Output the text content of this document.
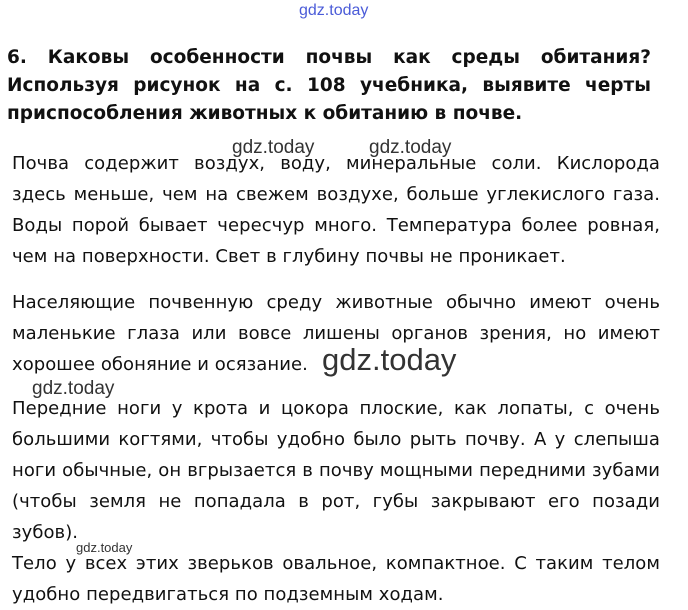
gdz.today
6. Каковы особенности почвы как среды обитания?
Используя рисунок на с. 108 учебника, выявите черты
приспособления животных к обитанию в почве.
gdz.today	gdz.today

Почва содержит воздух, воду, минеральные соли. Кислорода
здесь меньше, чем на свежем воздухе, больше углекислого газа.
Воды порой бывает чересчур много. Температура более ровная,
чем на поверхности. Свет в глубину почвы не проникает.

Населяющие почвенную среду животные обычно имеют очень
маленькие глаза или вовсе лишены органов зрения, но имеют
хорошее обоняние и осязание. gdz.today
gdz.today

Передние ноги у крота и цокора плоские, как лопаты, с очень
большими когтями, чтобы удобно было рыть почву. А у слепыша
ноги обычные, он вгрызается в почву мощными передними зубами
(чтобы земля не попадала в рот, губы закрывают его позади зубов).
Тело у всех этих зверьков овальное, компактное. С таким телом
удобно передвигаться по подземным ходам.

gdz.today
